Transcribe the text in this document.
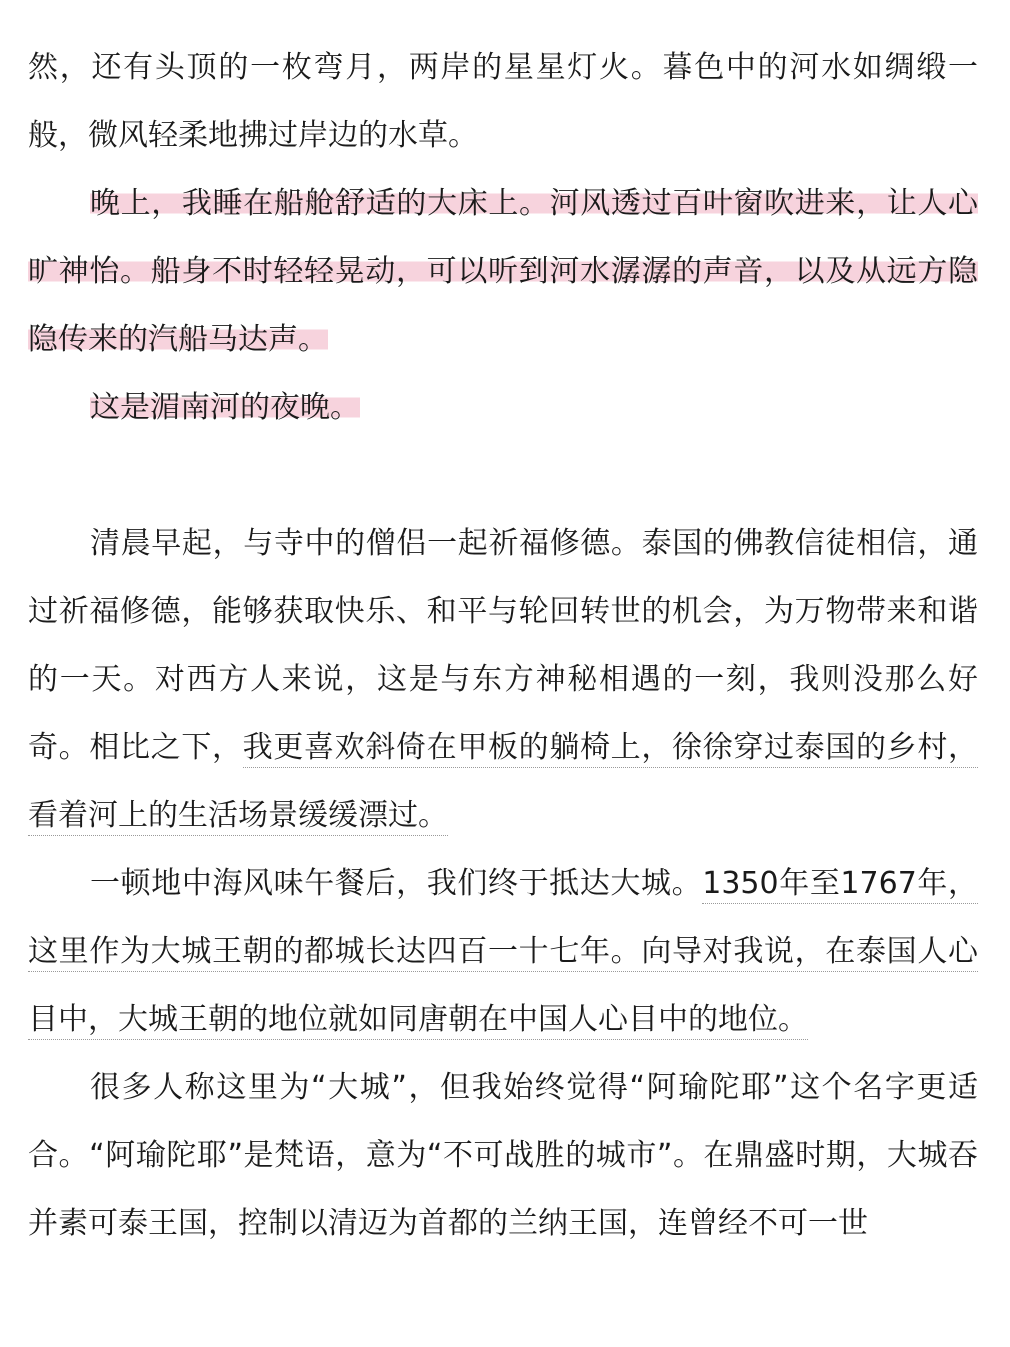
然，还有头顶的一枚弯月，两岸的星星灯火。暮色中的河水如绸缎一般，微风轻柔地拂过岸边的水草。

晚上，我睡在船舱舒适的大床上。河风透过百叶窗吹进来，让人心旷神怡。船身不时轻轻晃动，可以听到河水潺潺的声音，以及从远方隐隐传来的汽船马达声。

这是湄南河的夜晚。

清晨早起，与寺中的僧侣一起祈福修德。泰国的佛教信徒相信，通过祈福修德，能够获取快乐、和平与轮回转世的机会，为万物带来和谐的一天。对西方人来说，这是与东方神秘相遇的一刻，我则没那么好奇。相比之下，我更喜欢斜倚在甲板的躺椅上，徐徐穿过泰国的乡村，看着河上的生活场景缓缓漂过。

一顿地中海风味午餐后，我们终于抵达大城。1350年至1767年，这里作为大城王朝的都城长达四百一十七年。向导对我说，在泰国人心目中，大城王朝的地位就如同唐朝在中国人心目中的地位。

很多人称这里为“大城”，但我始终觉得“阿瑜陀耶”这个名字更适合。“阿瑜陀耶”是梵语，意为“不可战胜的城市”。在鼎盛时期，大城吞并素可泰王国，控制以清迈为首都的兰纳王国，连曾经不可一世
